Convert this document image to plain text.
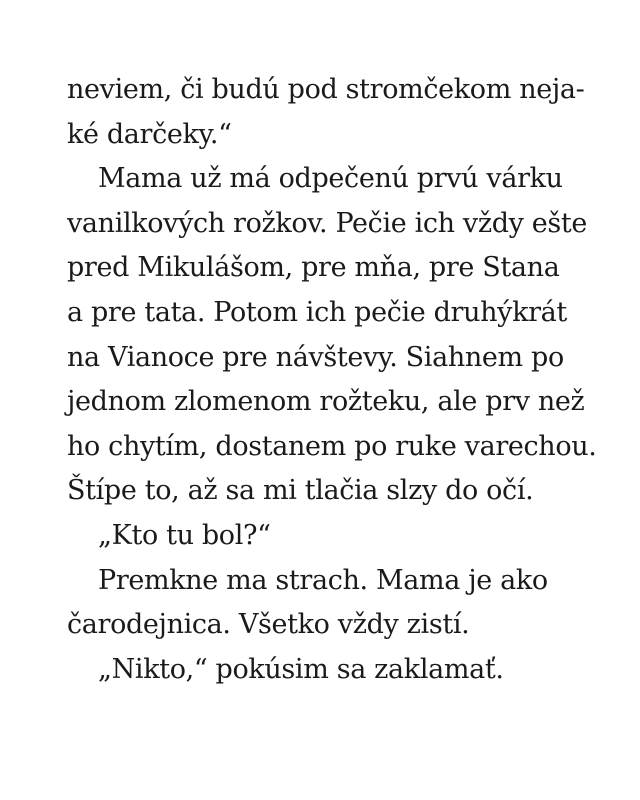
neviem, či budú pod stromčekom neja-
ké darčeky.“
Mama už má odpečenú prvú várku
vanilkových rožkov. Pečie ich vždy ešte
pred Mikulášom, pre mňa, pre Stana
a pre tata. Potom ich pečie druhýkrát
na Vianoce pre návštevy. Siahnem po
jednom zlomenom rožteku, ale prv než
ho chytím, dostanem po ruke varechou.
Štípe to, až sa mi tlačia slzy do očí.
„Kto tu bol?“
Premkne ma strach. Mama je ako
čarodejnica. Všetko vždy zistí.
„Nikto,“ pokúsim sa zaklamať.
